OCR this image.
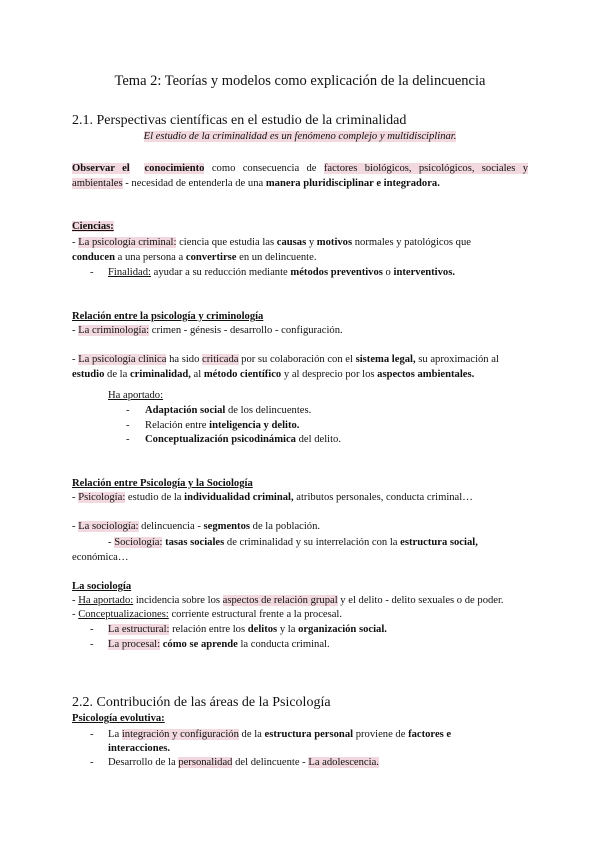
Tema 2: Teorías y modelos como explicación de la delincuencia
2.1. Perspectivas científicas en el estudio de la criminalidad
El estudio de la criminalidad es un fenómeno complejo y multidisciplinar.
Observar el conocimiento como consecuencia de factores biológicos, psicológicos, sociales y ambientales - necesidad de entenderla de una manera pluridisciplinar e integradora.
Ciencias:
- La psicología criminal: ciencia que estudia las causas y motivos normales y patológicos que
conducen a una persona a convertirse en un delincuente.
- Finalidad: ayudar a su reducción mediante métodos preventivos o interventivos.
Relación entre la psicología y criminología
- La criminología: crimen - génesis - desarrollo - configuración.
- La psicología clínica ha sido criticada por su colaboración con el sistema legal, su aproximación al
estudio de la criminalidad, al método científico y al desprecio por los aspectos ambientales.
Ha aportado:
- Adaptación social de los delincuentes.
- Relación entre inteligencia y delito.
- Conceptualización psicodinámica del delito.
Relación entre Psicología y la Sociología
- Psicología: estudio de la individualidad criminal, atributos personales, conducta criminal…
- La sociología: delincuencia - segmentos de la población.
- Sociología: tasas sociales de criminalidad y su interrelación con la estructura social,
económica…
La sociología
- Ha aportado: incidencia sobre los aspectos de relación grupal y el delito - delito sexuales o de poder.
- Conceptualizaciones: corriente estructural frente a la procesal.
- La estructural: relación entre los delitos y la organización social.
- La procesal: cómo se aprende la conducta criminal.
2.2. Contribución de las áreas de la Psicología
Psicología evolutiva:
- La integración y configuración de la estructura personal proviene de factores e
interacciones.
- Desarrollo de la personalidad del delincuente - La adolescencia.
